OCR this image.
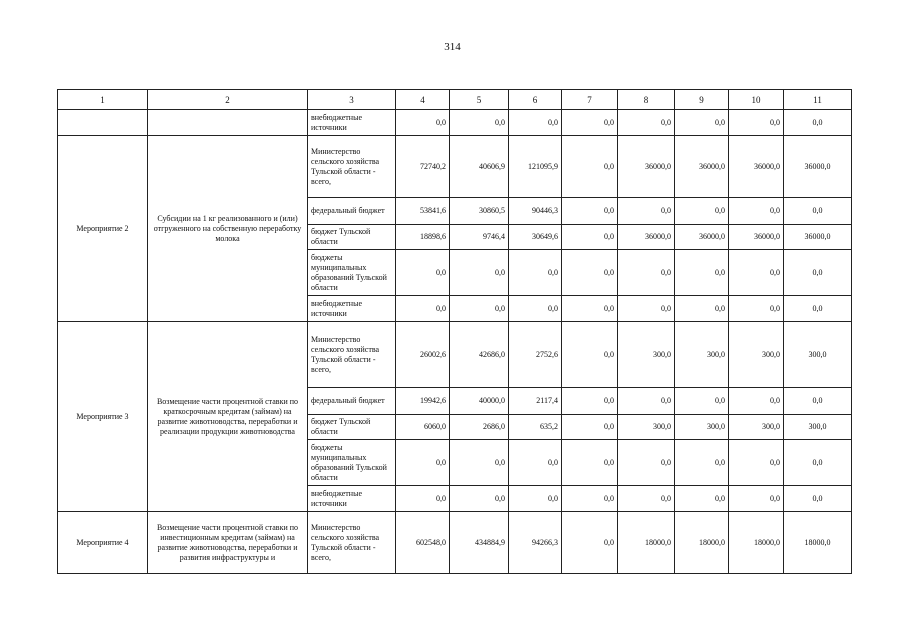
314
1	2	3	4	5	6	7	8	9	10	11
		внебюджетные источники	0,0	0,0	0,0	0,0	0,0	0,0	0,0	0,0
Мероприятие 2	Субсидии на 1 кг реализованного и (или) отгруженного на собственную переработку молока	Министерство сельского хозяйства Тульской области - всего,	72740,2	40606,9	121095,9	0,0	36000,0	36000,0	36000,0	36000,0
		федеральный бюджет	53841,6	30860,5	90446,3	0,0	0,0	0,0	0,0	0,0
		бюджет Тульской области	18898,6	9746,4	30649,6	0,0	36000,0	36000,0	36000,0	36000,0
		бюджеты муниципальных образований Тульской области	0,0	0,0	0,0	0,0	0,0	0,0	0,0	0,0
		внебюджетные источники	0,0	0,0	0,0	0,0	0,0	0,0	0,0	0,0
Мероприятие 3	Возмещение части процентной ставки по краткосрочным кредитам (займам) на развитие животноводства, переработки и реализации продукции животноводства	Министерство сельского хозяйства Тульской области - всего,	26002,6	42686,0	2752,6	0,0	300,0	300,0	300,0	300,0
		федеральный бюджет	19942,6	40000,0	2117,4	0,0	0,0	0,0	0,0	0,0
		бюджет Тульской области	6060,0	2686,0	635,2	0,0	300,0	300,0	300,0	300,0
		бюджеты муниципальных образований Тульской области	0,0	0,0	0,0	0,0	0,0	0,0	0,0	0,0
		внебюджетные источники	0,0	0,0	0,0	0,0	0,0	0,0	0,0	0,0
Мероприятие 4	Возмещение части процентной ставки по инвестиционным кредитам (займам) на развитие животноводства, переработки и развития инфраструктуры и	Министерство сельского хозяйства Тульской области - всего,	602548,0	434884,9	94266,3	0,0	18000,0	18000,0	18000,0	18000,0
